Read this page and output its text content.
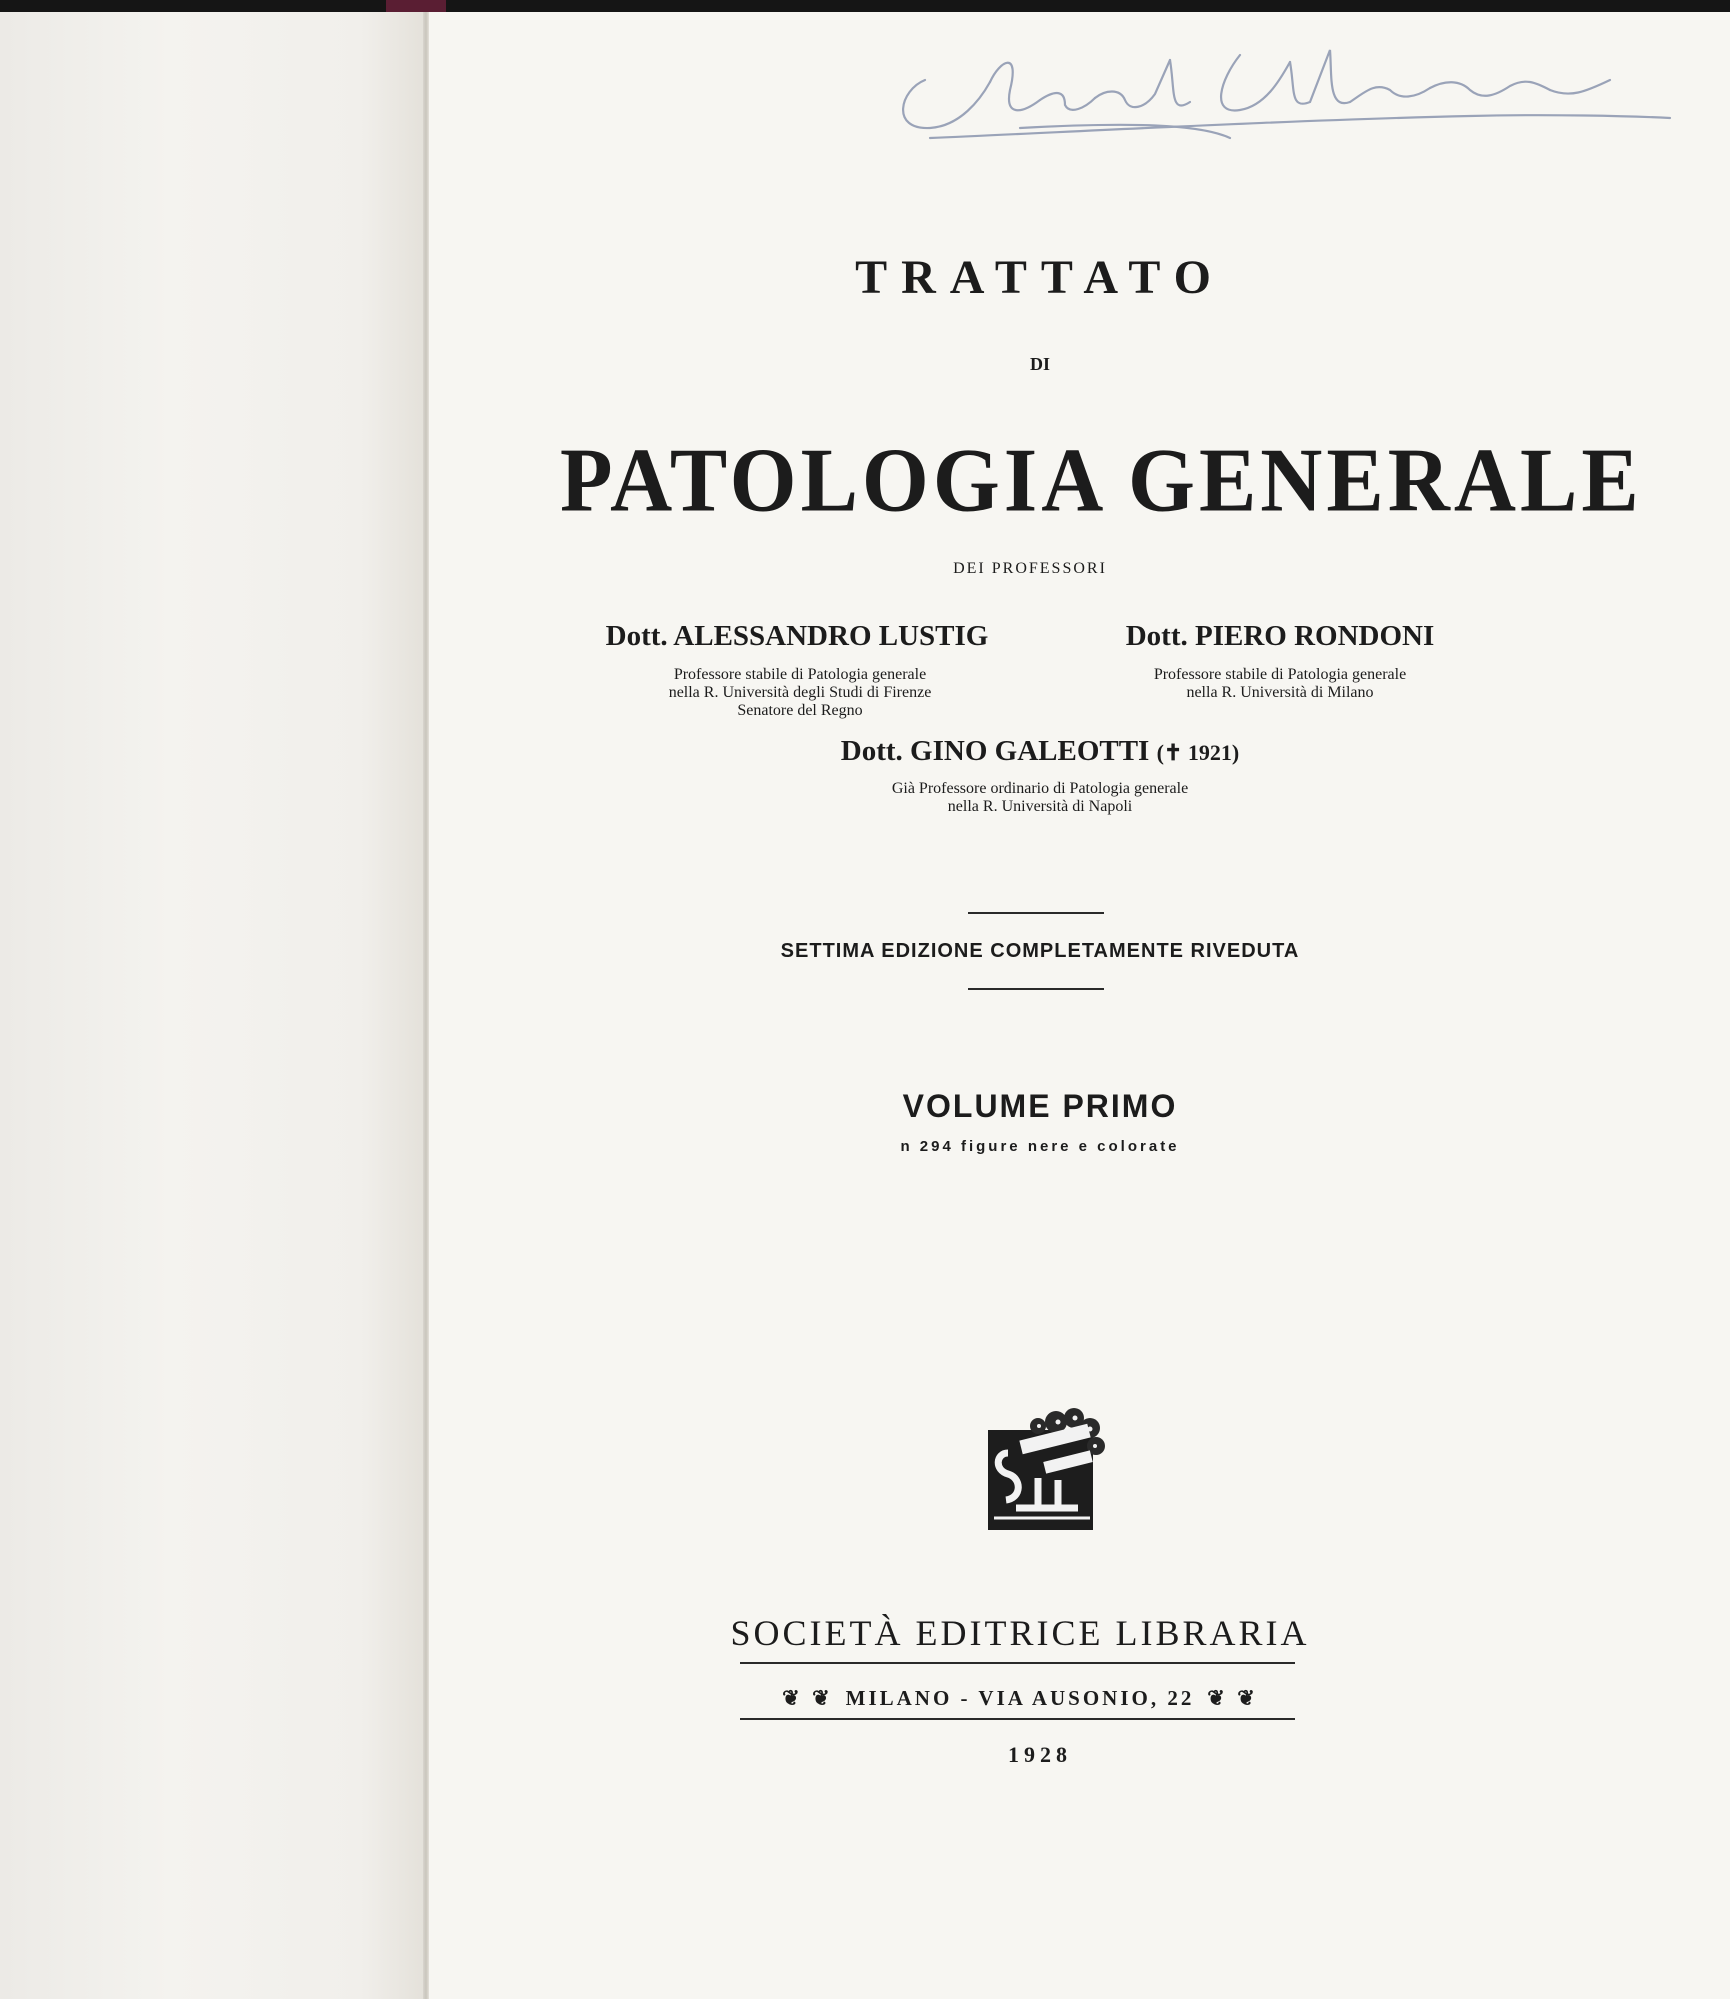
TRATTATO
DI
PATOLOGIA GENERALE
DEI PROFESSORI
Dott. ALESSANDRO LUSTIG
Professore stabile di Patologia generale
nella R. Università degli Studi di Firenze
Senatore del Regno
Dott. PIERO RONDONI
Professore stabile di Patologia generale
nella R. Università di Milano
Dott. GINO GALEOTTI (✝ 1921)
Già Professore ordinario di Patologia generale
nella R. Università di Napoli
SETTIMA EDIZIONE COMPLETAMENTE RIVEDUTA
VOLUME PRIMO
n 294 figure nere e colorate
SOCIETÀ EDITRICE LIBRARIA
❦ ❦ MILANO - VIA AUSONIO, 22 ❦ ❦
1928
